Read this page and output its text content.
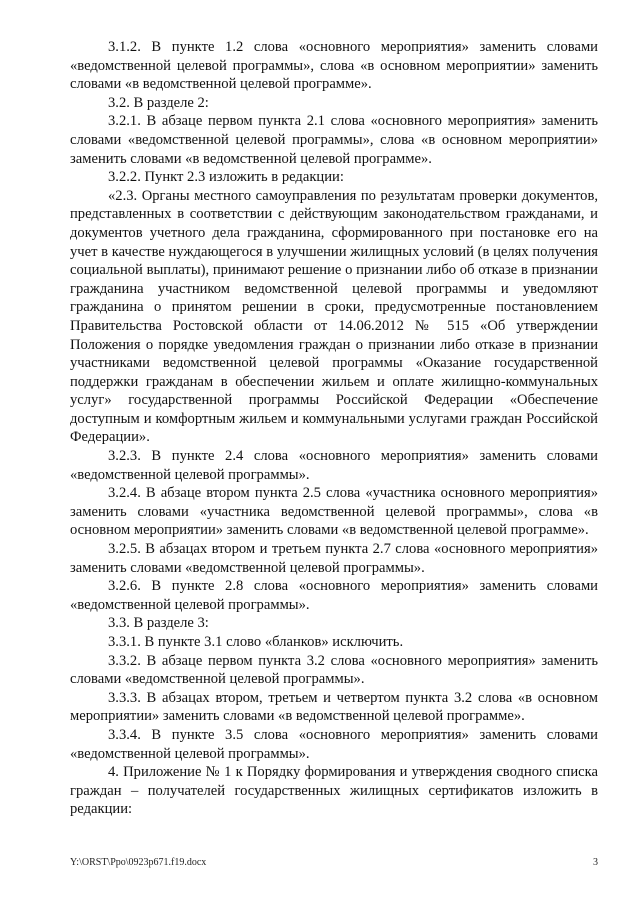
3.1.2. В пункте 1.2 слова «основного мероприятия» заменить словами «ведомственной целевой программы», слова «в основном мероприятии» заменить словами «в ведомственной целевой программе».

3.2. В разделе 2:

3.2.1. В абзаце первом пункта 2.1 слова «основного мероприятия» заменить словами «ведомственной целевой программы», слова «в основном мероприятии» заменить словами «в ведомственной целевой программе».

3.2.2. Пункт 2.3 изложить в редакции:

«2.3. Органы местного самоуправления по результатам проверки документов, представленных в соответствии с действующим законодательством гражданами, и документов учетного дела гражданина, сформированного при постановке его на учет в качестве нуждающегося в улучшении жилищных условий (в целях получения социальной выплаты), принимают решение о признании либо об отказе в признании гражданина участником ведомственной целевой программы и уведомляют гражданина о принятом решении в сроки, предусмотренные постановлением Правительства Ростовской области от 14.06.2012 № 515 «Об утверждении Положения о порядке уведомления граждан о признании либо отказе в признании участниками ведомственной целевой программы «Оказание государственной поддержки гражданам в обеспечении жильем и оплате жилищно-коммунальных услуг» государственной программы Российской Федерации «Обеспечение доступным и комфортным жильем и коммунальными услугами граждан Российской Федерации».

3.2.3. В пункте 2.4 слова «основного мероприятия» заменить словами «ведомственной целевой программы».

3.2.4. В абзаце втором пункта 2.5 слова «участника основного мероприятия» заменить словами «участника ведомственной целевой программы», слова «в основном мероприятии» заменить словами «в ведомственной целевой программе».

3.2.5. В абзацах втором и третьем пункта 2.7 слова «основного мероприятия» заменить словами «ведомственной целевой программы».

3.2.6. В пункте 2.8 слова «основного мероприятия» заменить словами «ведомственной целевой программы».

3.3. В разделе 3:

3.3.1. В пункте 3.1 слово «бланков» исключить.

3.3.2. В абзаце первом пункта 3.2 слова «основного мероприятия» заменить словами «ведомственной целевой программы».

3.3.3. В абзацах втором, третьем и четвертом пункта 3.2 слова «в основном мероприятии» заменить словами «в ведомственной целевой программе».

3.3.4. В пункте 3.5 слова «основного мероприятия» заменить словами «ведомственной целевой программы».

4. Приложение № 1 к Порядку формирования и утверждения сводного списка граждан – получателей государственных жилищных сертификатов изложить в редакции:

Y:\ORST\Ppo\0923p671.f19.docx	3
